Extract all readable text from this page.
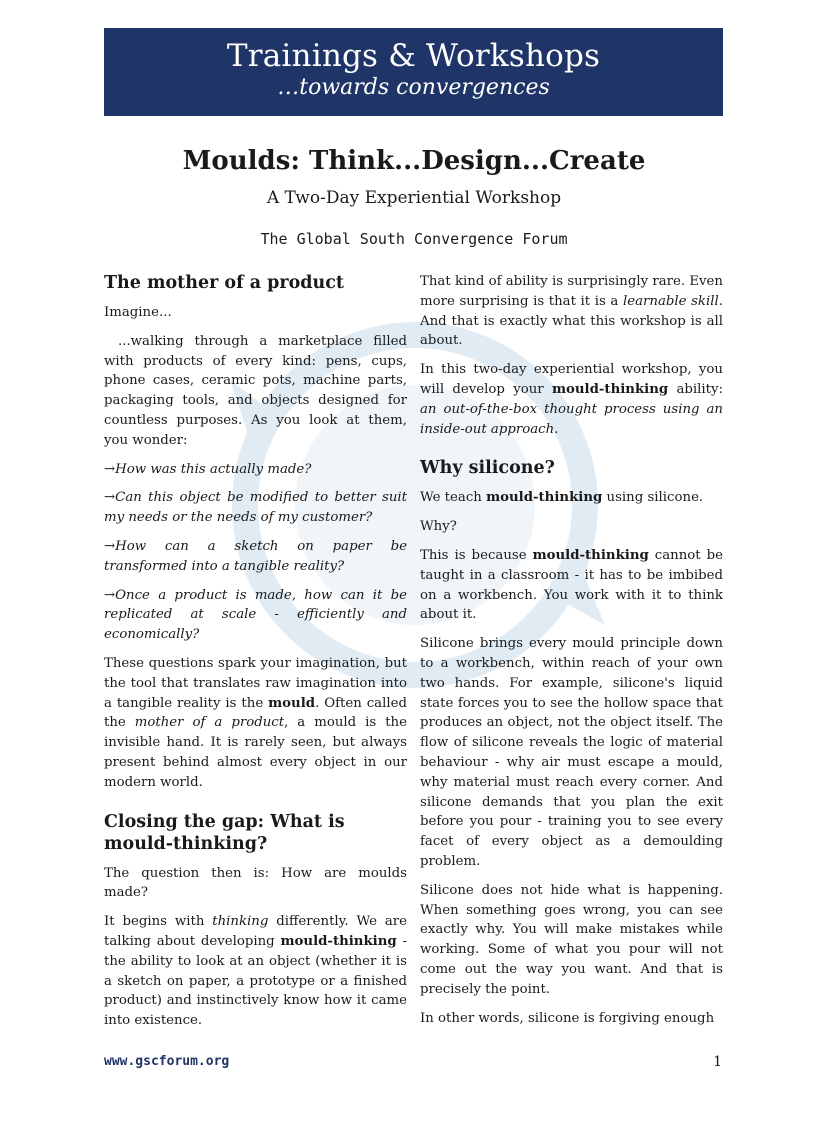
Trainings & Workshops
…towards convergences
Moulds: Think...Design...Create
A Two-Day Experiential Workshop
The Global South Convergence Forum
The mother of a product

Imagine...

...walking through a marketplace filled with products of every kind: pens, cups, phone cases, ceramic pots, machine parts, packaging tools, and objects designed for countless purposes. As you look at them, you wonder:

→How was this actually made?

→Can this object be modified to better suit my needs or the needs of my customer?

→How can a sketch on paper be transformed into a tangible reality?

→Once a product is made, how can it be replicated at scale - efficiently and economically?

These questions spark your imagination, but the tool that translates raw imagination into a tangible reality is the mould. Often called the mother of a product, a mould is the invisible hand. It is rarely seen, but always present behind almost every object in our modern world.

Closing the gap: What is mould-thinking?

The question then is: How are moulds made?

It begins with thinking differently. We are talking about developing mould-thinking - the ability to look at an object (whether it is a sketch on paper, a prototype or a finished product) and instinctively know how it came into existence.

That kind of ability is surprisingly rare. Even more surprising is that it is a learnable skill. And that is exactly what this workshop is all about.

In this two-day experiential workshop, you will develop your mould-thinking ability: an out-of-the-box thought process using an inside-out approach.

Why silicone?

We teach mould-thinking using silicone.

Why?

This is because mould-thinking cannot be taught in a classroom - it has to be imbibed on a workbench. You work with it to think about it.

Silicone brings every mould principle down to a workbench, within reach of your own two hands. For example, silicone's liquid state forces you to see the hollow space that produces an object, not the object itself. The flow of silicone reveals the logic of material behaviour - why air must escape a mould, why material must reach every corner. And silicone demands that you plan the exit before you pour - training you to see every facet of every object as a demoulding problem.

Silicone does not hide what is happening. When something goes wrong, you can see exactly why. You will make mistakes while working. Some of what you pour will not come out the way you want. And that is precisely the point.

In other words, silicone is forgiving enough

www.gscforum.org	1
